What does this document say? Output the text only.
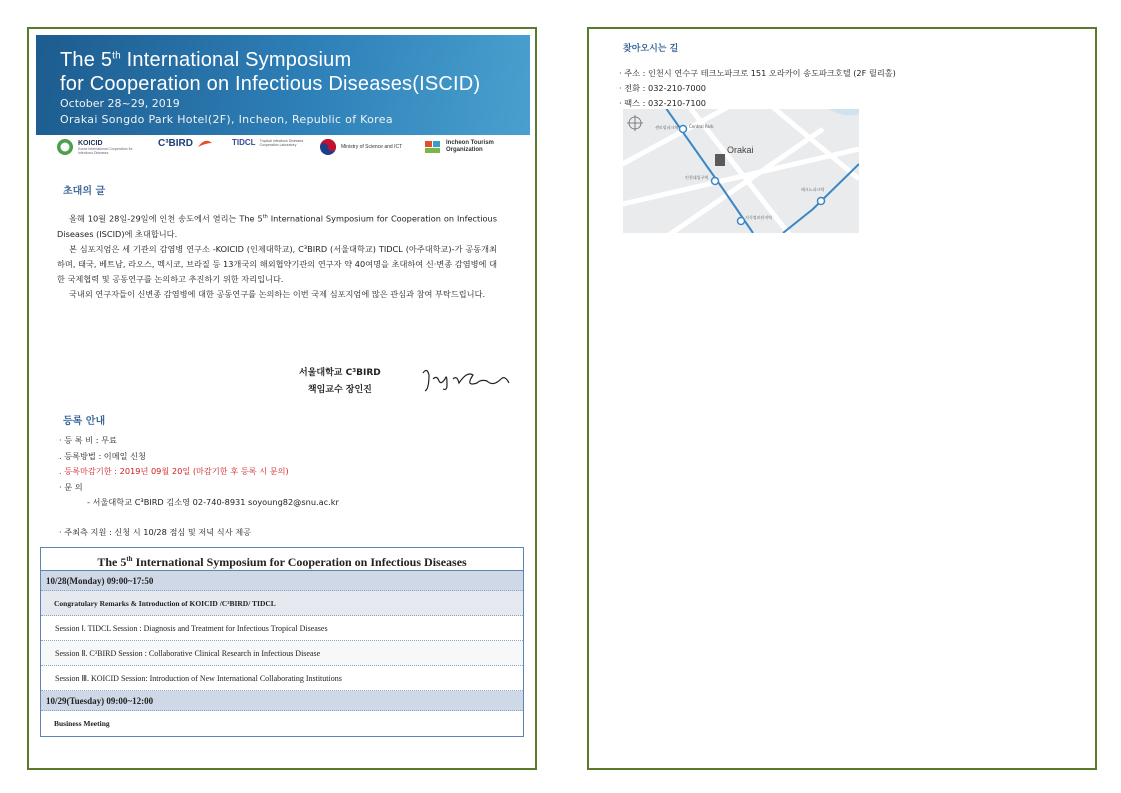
The 5th International Symposium
for Cooperation on Infectious Diseases(ISCID)
October 28~29, 2019
Orakai Songdo Park Hotel(2F), Incheon, Republic of Korea
KOICID
Korea International Cooperation for Infectious Diseases
C³BIRD	TIDCL Tropical Infectious Diseases Cooperation Laboratory	Ministry of Science and ICT
Incheon Tourism
Organization
초대의 글

올해 10월 28일-29일에 인천 송도에서 열리는 The 5th International Symposium for Cooperation on Infectious Diseases (ISCID)에 초대합니다.

본 심포지엄은 세 기관의 감염병 연구소 -KOICID (인제대학교), C³BIRD (서울대학교) TIDCL (아주대학교)-가 공동개최하며, 태국, 베트남, 라오스, 멕시코, 브라질 등 13개국의 해외협약기관의 연구자 약 40여명을 초대하여 신·변종 감염병에 대한 국제협력 및 공동연구를 논의하고 추진하기 위한 자리입니다.

국내외 연구자들이 신변종 감염병에 대한 공동연구를 논의하는 이번 국제 심포지엄에 많은 관심과 참여 부탁드립니다.

서울대학교 C³BIRD
책임교수 장인진
등록 안내
· 등 록 비 : 무료
. 등록방법 : 이메일 신청
. 등록마감기한 : 2019년 09월 20일 (마감기한 후 등록 시 문의)
· 문 의
- 서울대학교 C³BIRD 김소영 02-740-8931 soyoung82@snu.ac.kr
· 주최측 지원 : 신청 시 10/28 점심 및 저녁 식사 제공
The 5th International Symposium for Cooperation on Infectious Diseases
10/28(Monday) 09:00~17:50
Congratulary Remarks & Introduction of KOICID /C³BIRD/ TIDCL
Session Ⅰ. TIDCL Session : Diagnosis and Treatment for Infectious Tropical Diseases
Session Ⅱ. C³BIRD Session : Collaborative Clinical Research in Infectious Disease
Session Ⅲ. KOICID Session: Introduction of New International Collaborating Institutions
10/29(Tuesday) 09:00~12:00
Business Meeting
찾아오시는 길
· 주소 : 인천시 연수구 테크노파크로 151 오라카이 송도파크호텔 (2F 릴리홀)
· 전화 : 032-210-7000
· 팩스 : 032-210-7100
Orakai
Central Park
센트럴파크역
인천대입구역
지식정보단지역
테크노파크역
